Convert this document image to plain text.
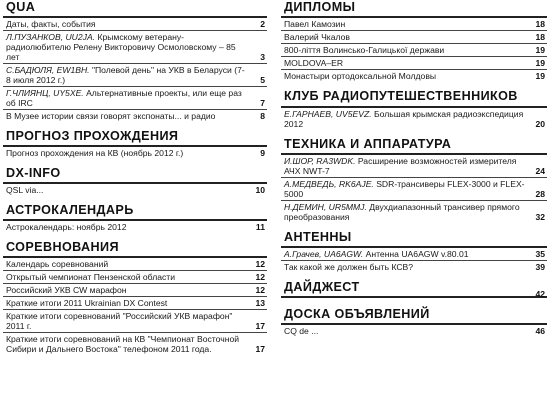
QUA
Даты, факты, события	2
Л.ПУЗАНКОВ, UU2JA. Крымскому ветерану-радиолюбителю Релену Викторовичу Осмоловскому – 85 лет	3
С.БАДЮЛЯ, EW1BH. "Полевой день" на УКВ в Беларуси (7-8 июля 2012 г.)	5
Г.ЧЛИЯНЦ, UY5XE. Альтернативные проекты, или еще раз об IRC	7
В Музее истории связи говорят экспонаты... и радио	8
ПРОГНОЗ ПРОХОЖДЕНИЯ
Прогноз прохождения на КВ (ноябрь 2012 г.)	9
DX-INFO
QSL via...	10
АСТРОКАЛЕНДАРЬ
Астрокалендарь: ноябрь 2012	11
СОРЕВНОВАНИЯ
Календарь соревнований	12
Открытый чемпионат Пензенской области	12
Российский УКВ CW марафон	12
Краткие итоги 2011 Ukrainian DX Contest	13
Краткие итоги соревнований "Российский УКВ марафон" 2011 г.	17
Краткие итоги соревнований на КВ "Чемпионат Восточной Сибири и Дальнего Востока" телефоном 2011 года.	17
ДИПЛОМЫ
Павел Камозин	18
Валерий Чкалов	18
800-ліття Волинсько-Галицької держави	19
MOLDOVA–ER	19
Монастыри ортодоксальной Молдовы	19
КЛУБ РАДИОПУТЕШЕСТВЕННИКОВ
Е.ГАРНАЕВ, UV5EVZ. Большая крымская радиоэкспедиция 2012	20
ТЕХНИКА И АППАРАТУРА
И.ШОР, RA3WDK. Расширение возможностей измерителя АЧХ NWT-7	24
А.МЕДВЕДЬ, RK6AJE. SDR-трансиверы FLEX-3000 и FLEX-5000	28
Н.ДЕМИН, UR5MMJ. Двухдиапазонный трансивер прямого преобразования	32
АНТЕННЫ
А.Грачев, UA6AGW. Антенна UA6AGW v.80.01	35
Так какой же должен быть КСВ?	39
ДАЙДЖЕСТ	42
ДОСКА ОБЪЯВЛЕНИЙ
CQ de ...	46
